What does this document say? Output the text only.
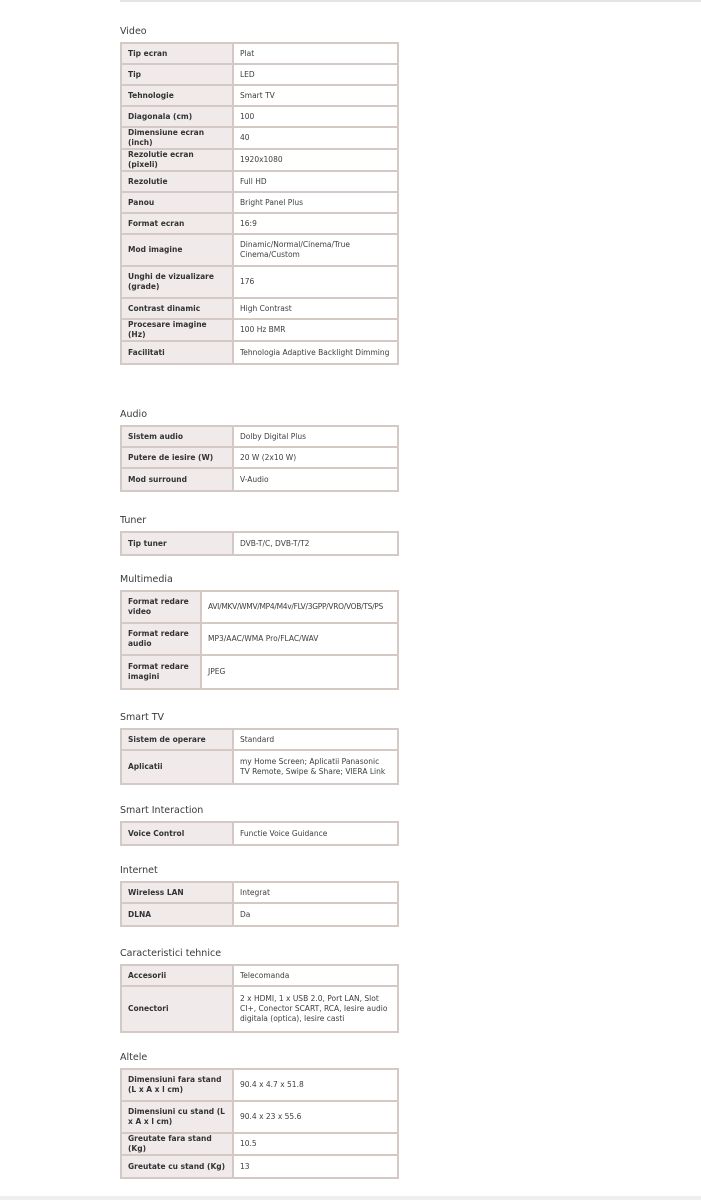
Video
Tip ecran	Plat
Tip	LED
Tehnologie	Smart TV
Diagonala (cm)	100
Dimensiune ecran (inch)	40
Rezolutie ecran (pixeli)	1920x1080
Rezolutie	Full HD
Panou	Bright Panel Plus
Format ecran	16:9
Mod imagine	Dinamic/Normal/Cinema/True Cinema/Custom
Unghi de vizualizare (grade)	176
Contrast dinamic	High Contrast
Procesare imagine (Hz)	100 Hz BMR
Facilitati	Tehnologia Adaptive Backlight Dimming
Audio
Sistem audio	Dolby Digital Plus
Putere de iesire (W)	20 W (2x10 W)
Mod surround	V-Audio
Tuner
Tip tuner	DVB-T/C, DVB-T/T2
Multimedia
Format redare video	AVI/MKV/WMV/MP4/M4v/FLV/3GPP/VRO/VOB/TS/PS
Format redare audio	MP3/AAC/WMA Pro/FLAC/WAV
Format redare imagini	JPEG
Smart TV
Sistem de operare	Standard
Aplicatii	my Home Screen; Aplicatii Panasonic TV Remote, Swipe & Share; VIERA Link
Smart Interaction
Voice Control	Functie Voice Guidance
Internet
Wireless LAN	Integrat
DLNA	Da
Caracteristici tehnice
Accesorii	Telecomanda
Conectori	2 x HDMI, 1 x USB 2.0, Port LAN, Slot CI+, Conector SCART, RCA, Iesire audio digitala (optica), Iesire casti
Altele
Dimensiuni fara stand (L x A x l cm)	90.4 x 4.7 x 51.8
Dimensiuni cu stand (L x A x l cm)	90.4 x 23 x 55.6
Greutate fara stand (Kg)	10.5
Greutate cu stand (Kg)	13
